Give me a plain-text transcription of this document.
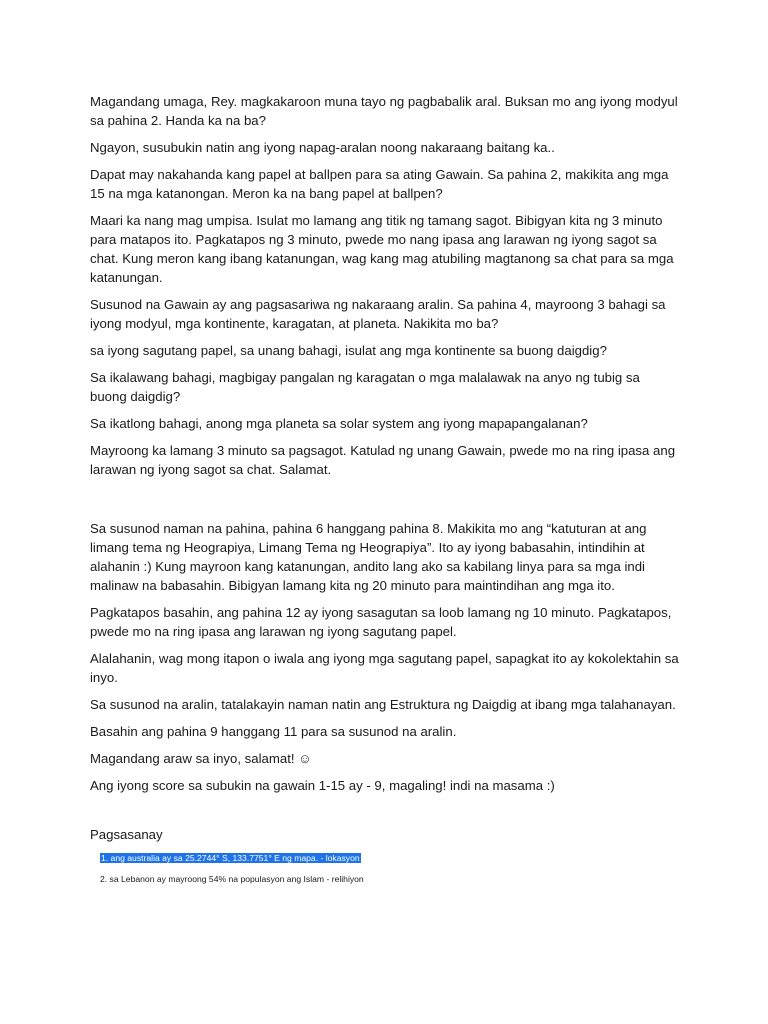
Magandang umaga, Rey. magkakaroon muna tayo ng pagbabalik aral. Buksan mo ang iyong modyul sa pahina 2. Handa ka na ba?

Ngayon, susubukin natin ang iyong napag-aralan noong nakaraang baitang ka..

Dapat may nakahanda kang papel at ballpen para sa ating Gawain. Sa pahina 2, makikita ang mga 15 na mga katanongan. Meron ka na bang papel at ballpen?

Maari ka nang mag umpisa. Isulat mo lamang ang titik ng tamang sagot. Bibigyan kita ng 3 minuto para matapos ito. Pagkatapos ng 3 minuto, pwede mo nang ipasa ang larawan ng iyong sagot sa chat. Kung meron kang ibang katanungan, wag kang mag atubiling magtanong sa chat para sa mga katanungan.

Susunod na Gawain ay ang pagsasariwa ng nakaraang aralin. Sa pahina 4, mayroong 3 bahagi sa iyong modyul, mga kontinente, karagatan, at planeta. Nakikita mo ba?

sa iyong sagutang papel, sa unang bahagi, isulat ang mga kontinente sa buong daigdig?

Sa ikalawang bahagi, magbigay pangalan ng karagatan o mga malalawak na anyo ng tubig sa buong daigdig?

Sa ikatlong bahagi, anong mga planeta sa solar system ang iyong mapapangalanan?

Mayroong ka lamang 3 minuto sa pagsagot. Katulad ng unang Gawain, pwede mo na ring ipasa ang larawan ng iyong sagot sa chat. Salamat.

Sa susunod naman na pahina, pahina 6 hanggang pahina 8. Makikita mo ang “katuturan at ang limang tema ng Heograpiya, Limang Tema ng Heograpiya”. Ito ay iyong babasahin, intindihin at alahanin :) Kung mayroon kang katanungan, andito lang ako sa kabilang linya para sa mga indi malinaw na babasahin. Bibigyan lamang kita ng 20 minuto para maintindihan ang mga ito.

Pagkatapos basahin, ang pahina 12 ay iyong sasagutan sa loob lamang ng 10 minuto. Pagkatapos, pwede mo na ring ipasa ang larawan ng iyong sagutang papel.

Alalahanin, wag mong itapon o iwala ang iyong mga sagutang papel, sapagkat ito ay kokolektahin sa inyo.

Sa susunod na aralin, tatalakayin naman natin ang Estruktura ng Daigdig at ibang mga talahanayan.

Basahin ang pahina 9 hanggang 11 para sa susunod na aralin.

Magandang araw sa inyo, salamat! ☺

Ang iyong score sa subukin na gawain 1-15 ay - 9, magaling! indi na masama :)

Pagsasanay

1. ang australia ay sa 25.2744° S, 133.7751° E ng mapa. - lokasyon

2. sa Lebanon ay mayroong 54% na populasyon ang Islam - relihiyon
